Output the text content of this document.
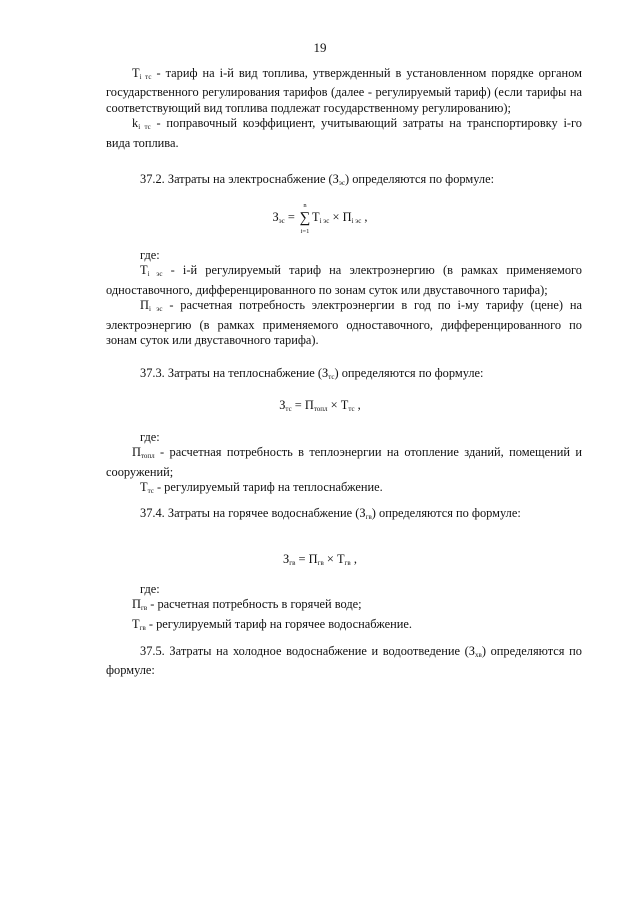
19

$T_{i тс}$ - тариф на i-й вид топлива, утвержденный в установленном порядке органом государственного регулирования тарифов (далее - регулируемый тариф) (если тарифы на соответствующий вид топлива подлежат государственному регулированию);

$k_{i тс}$ - поправочный коэффициент, учитывающий затраты на транспортировку i-го вида топлива.

37.2. Затраты на электроснабжение $(З_{эс})$ определяются по формуле:

$З_{эс}$ =
n
∑
i=1
$T_{i эс} \times П_{i эс}$ ,

где:

$T_{i эс} - i-й$ регулируемый тариф на электроэнергию (в рамках применяемого одноставочного, дифференцированного по зонам суток или двуставочного тарифа);

$П_{i эс}$ - расчетная потребность электроэнергии в год по i-му тарифу (цене) на электроэнергию (в рамках применяемого одноставочного, дифференцированного по зонам суток или двуставочного тарифа).

37.3. Затраты на теплоснабжение $(З_{тс})$ определяются по формуле:

$З_{тс} = П_{топл} \times T_{тс}$ ,

где:

$П_{топл}$ - расчетная потребность в теплоэнергии на отопление зданий, помещений и сооружений;

$T_{тс}$ - регулируемый тариф на теплоснабжение.

37.4. Затраты на горячее водоснабжение $(З_{гв})$ определяются по формуле:

$З_{гв} = П_{гв} \times T_{гв}$ ,

где:

$П_{гв}$ - расчетная потребность в горячей воде;

$T_{гв}$ - регулируемый тариф на горячее водоснабжение.

37.5. Затраты на холодное водоснабжение и водоотведение $(З_{хв})$ определяются по формуле:
